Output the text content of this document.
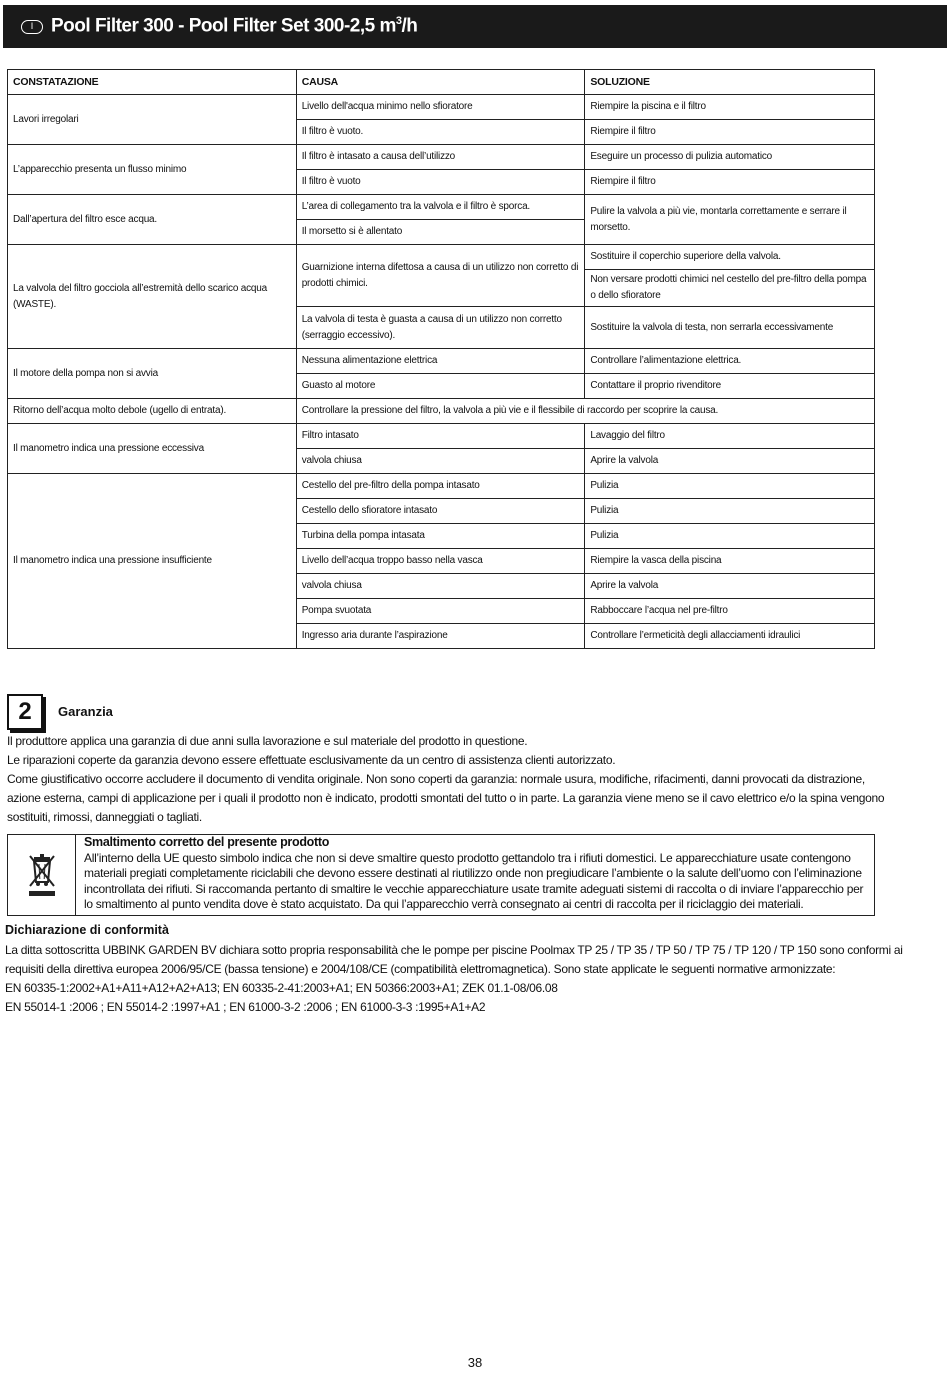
I Pool Filter 300 - Pool Filter Set 300-2,5 $m^3/h$
CONSTATAZIONE	CAUSA	SOLUZIONE
Lavori irregolari	Livello dell'acqua minimo nello sfioratore	Riempire la piscina e il filtro
	Il filtro è vuoto.	Riempire il filtro
L’apparecchio presenta un flusso minimo	Il filtro è intasato a causa dell’utilizzo	Eseguire un processo di pulizia automatico
	Il filtro è vuoto	Riempire il filtro
Dall’apertura del filtro esce acqua.	L’area di collegamento tra la valvola e il filtro è sporca.	Pulire la valvola a più vie, montarla correttamente e serrare il morsetto.
	Il morsetto si è allentato	
La valvola del filtro gocciola all’estremità dello scarico acqua (WASTE).	Guarnizione interna difettosa a causa di un utilizzo non corretto di prodotti chimici.	Sostituire il coperchio superiore della valvola.
		Non versare prodotti chimici nel cestello del pre-filtro della pompa o dello sfioratore
	La valvola di testa è guasta a causa di un utilizzo non corretto (serraggio eccessivo).	Sostituire la valvola di testa, non serrarla eccessivamente
Il motore della pompa non si avvia	Nessuna alimentazione elettrica	Controllare l’alimentazione elettrica.
	Guasto al motore	Contattare il proprio rivenditore
Ritorno dell’acqua molto debole (ugello di entrata).	Controllare la pressione del filtro, la valvola a più vie e il flessibile di raccordo per scoprire la causa.	
Il manometro indica una pressione eccessiva	Filtro intasato	Lavaggio del filtro
	valvola chiusa	Aprire la valvola
Il manometro indica una pressione insufficiente	Cestello del pre-filtro della pompa intasato	Pulizia
	Cestello dello sfioratore intasato	Pulizia
	Turbina della pompa intasata	Pulizia
	Livello dell’acqua troppo basso nella vasca	Riempire la vasca della piscina
	valvola chiusa	Aprire la valvola
	Pompa svuotata	Rabboccare l’acqua nel pre-filtro
	Ingresso aria durante l’aspirazione	Controllare l’ermeticità degli allacciamenti idraulici
2	Garanzia
Il produttore applica una garanzia di due anni sulla lavorazione e sul materiale del prodotto in questione.
Le riparazioni coperte da garanzia devono essere effettuate esclusivamente da un centro di assistenza clienti autorizzato.
Come giustificativo occorre accludere il documento di vendita originale. Non sono coperti da garanzia: normale usura, modifiche, rifacimenti, danni provocati da distrazione, azione esterna, campi di applicazione per i quali il prodotto non è indicato, prodotti smontati del tutto o in parte. La garanzia viene meno se il cavo elettrico e/o la spina vengono sostituiti, rimossi, danneggiati o tagliati.
Smaltimento corretto del presente prodotto
All’interno della UE questo simbolo indica che non si deve smaltire questo prodotto gettandolo tra i rifiuti domestici. Le apparecchiature usate contengono materiali pregiati completamente riciclabili che devono essere destinati al riutilizzo onde non pregiudicare l’ambiente o la salute dell’uomo con l’eliminazione incontrollata dei rifiuti. Si raccomanda pertanto di smaltire le vecchie apparecchiature usate tramite adeguati sistemi di raccolta o di inviare l’apparecchio per lo smaltimento al punto vendita dove è stato acquistato. Da qui l’apparecchio verrà consegnato ai centri di raccolta per il riciclaggio dei materiali.
Dichiarazione di conformità
La ditta sottoscritta UBBINK GARDEN BV dichiara sotto propria responsabilità che le pompe per piscine Poolmax TP 25 / TP 35 / TP 50 / TP 75 / TP 120 / TP 150 sono conformi ai requisiti della direttiva europea 2006/95/CE (bassa tensione) e 2004/108/CE (compatibilità elettromagnetica). Sono state applicate le seguenti normative armonizzate:
EN 60335-1:2002+A1+A11+A12+A2+A13; EN 60335-2-41:2003+A1; EN 50366:2003+A1; ZEK 01.1-08/06.08
EN 55014-1 :2006 ; EN 55014-2 :1997+A1 ; EN 61000-3-2 :2006 ; EN 61000-3-3 :1995+A1+A2
38
